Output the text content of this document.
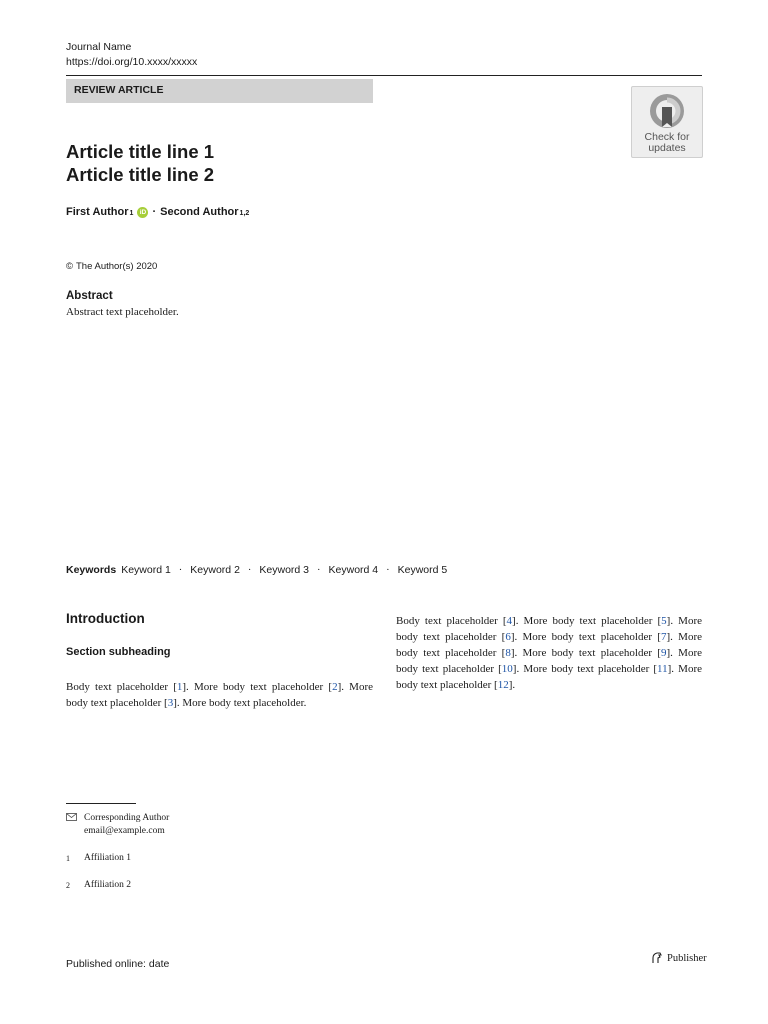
Journal Name
https://doi.org/10.xxxx/xxxxx
REVIEW ARTICLE
Check for
updates
Article title line 1
Article title line 2
First Author 1 iD · Second Author 1,2
© The Author(s) 2020
Abstract

Abstract text placeholder.

Keywords Keyword 1 · Keyword 2 · Keyword 3 · Keyword 4 · Keyword 5
Introduction
Section subheading

Body text placeholder [1]. More body text placeholder [2]. More body text placeholder [3]. More body text placeholder.

Body text placeholder [4]. More body text placeholder [5]. More body text placeholder [6]. More body text placeholder [7]. More body text placeholder [8]. More body text placeholder [9]. More body text placeholder [10]. More body text placeholder [11]. More body text placeholder [12].

Corresponding Author
email@example.com
1	Affiliation 1
2	Affiliation 2
Published online: date	Publisher
